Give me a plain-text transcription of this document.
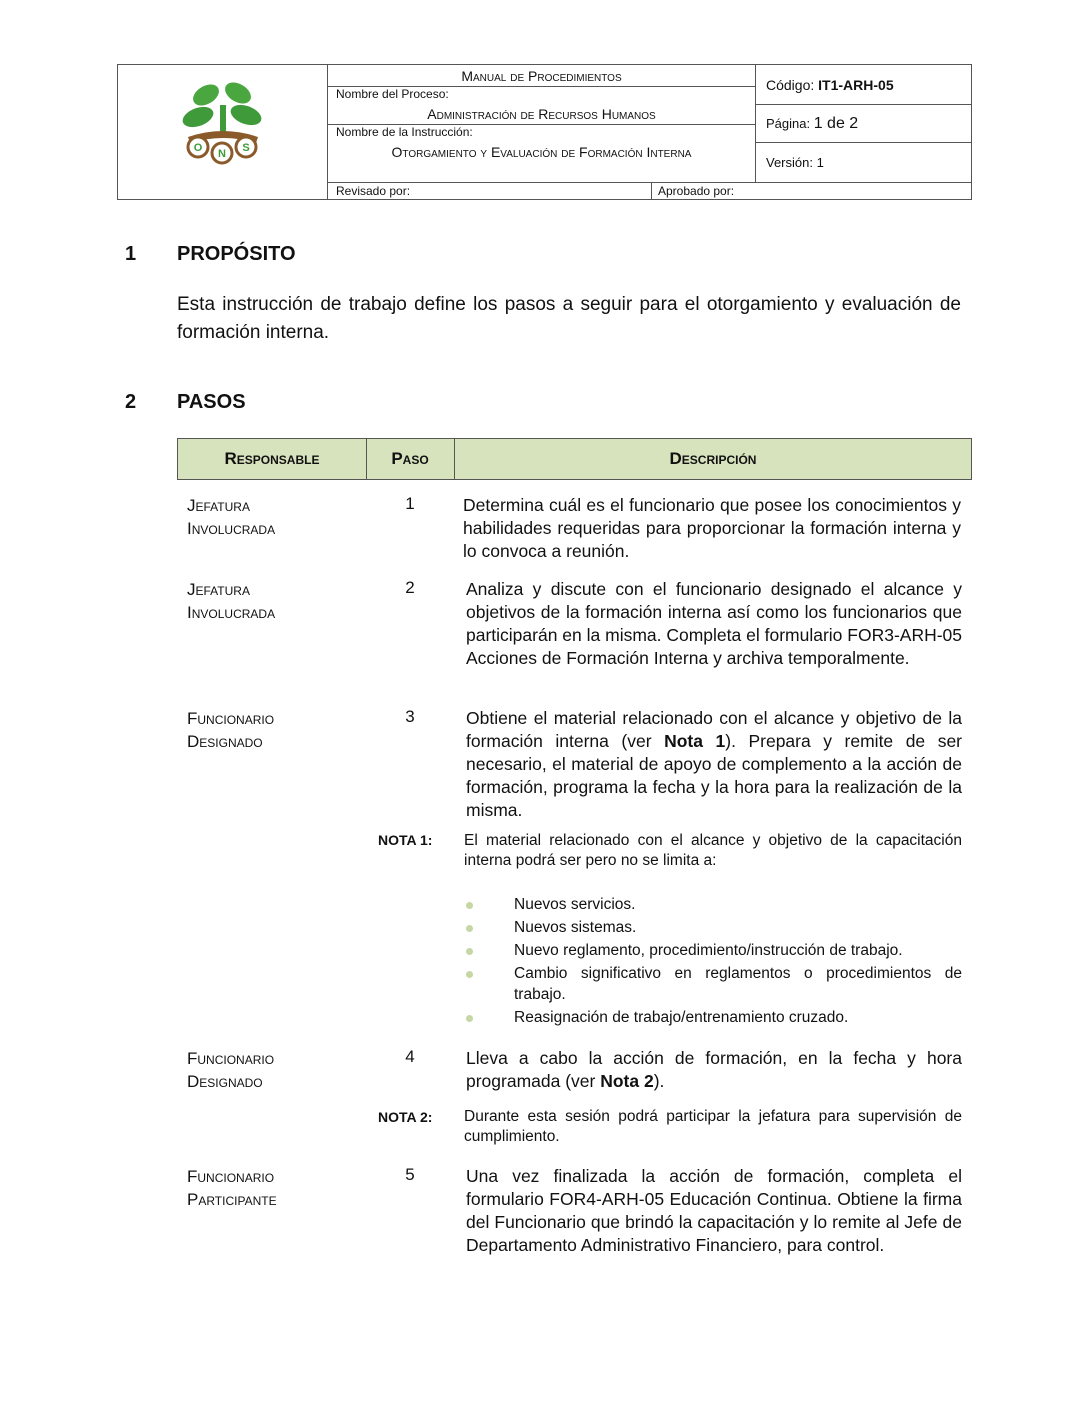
O N S
Manual de Procedimientos
Nombre del Proceso:
Administración de Recursos Humanos
Nombre de la Instrucción:
Otorgamiento y Evaluación de Formación Interna
Revisado por:	Aprobado por:
Código: IT1-ARH-05
Página: 1 de 2
Versión: 1
1 PROPÓSITO
Esta instrucción de trabajo define los pasos a seguir para el otorgamiento y evaluación de formación interna.
2 PASOS
Responsable	Paso	Descripción
Jefatura
Involucrada
1	Determina cuál es el funcionario que posee los conocimientos y habilidades requeridas para proporcionar la formación interna y lo convoca a reunión.
Jefatura
Involucrada
2	Analiza y discute con el funcionario designado el alcance y objetivos de la formación interna así como los funcionarios que participarán en la misma. Completa el formulario FOR3-ARH-05 Acciones de Formación Interna y archiva temporalmente.
Funcionario
Designado
3	Obtiene el material relacionado con el alcance y objetivo de la formación interna (ver Nota 1). Prepara y remite de ser necesario, el material de apoyo de complemento a la acción de formación, programa la fecha y la hora para la realización de la misma.
NOTA 1: El material relacionado con el alcance y objetivo de la capacitación interna podrá ser pero no se limita a:
Nuevos servicios.
Nuevos sistemas.
Nuevo reglamento, procedimiento/instrucción de trabajo.
Cambio significativo en reglamentos o procedimientos de trabajo.
Reasignación de trabajo/entrenamiento cruzado.
Funcionario
Designado
4	Lleva a cabo la acción de formación, en la fecha y hora programada (ver Nota 2).
NOTA 2: Durante esta sesión podrá participar la jefatura para supervisión de cumplimiento.
Funcionario
Participante
5	Una vez finalizada la acción de formación, completa el formulario FOR4-ARH-05 Educación Continua. Obtiene la firma del Funcionario que brindó la capacitación y lo remite al Jefe de Departamento Administrativo Financiero, para control.
